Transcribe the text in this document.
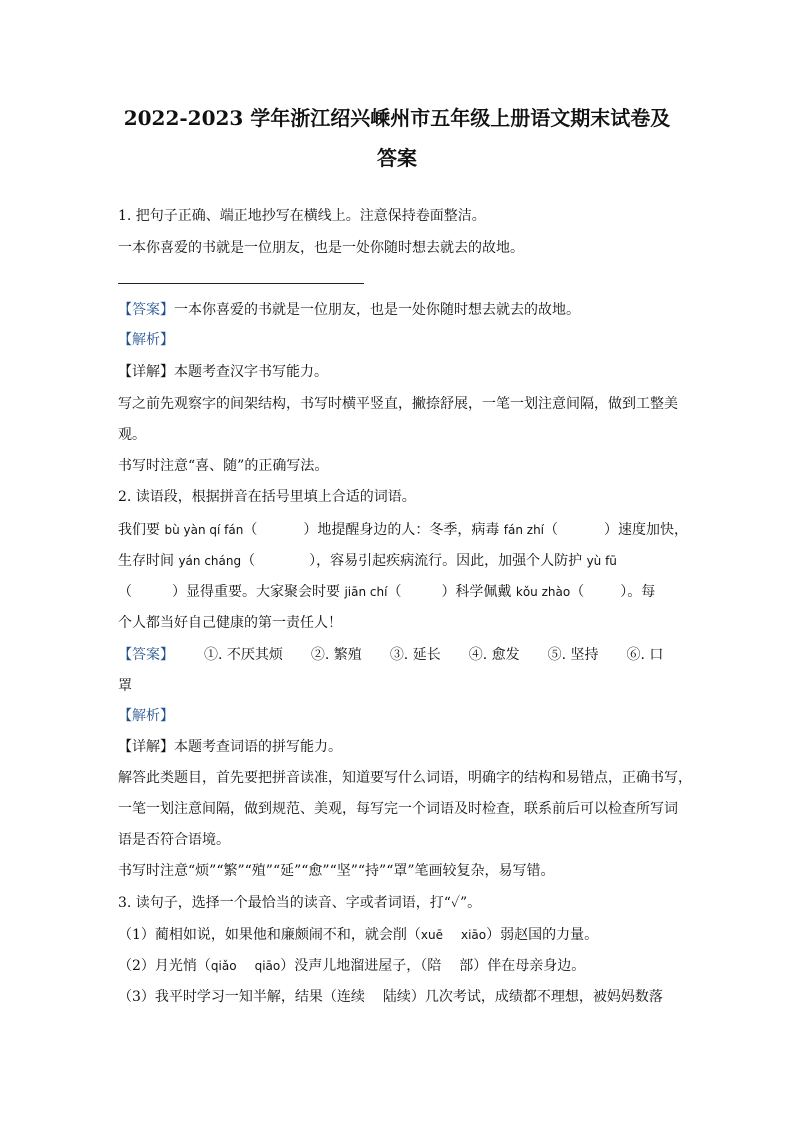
2022-2023 学年浙江绍兴嵊州市五年级上册语文期末试卷及
答案
1. 把句子正确、端正地抄写在横线上。注意保持卷面整洁。
一本你喜爱的书就是一位朋友，也是一处你随时想去就去的故地。
【答案】一本你喜爱的书就是一位朋友，也是一处你随时想去就去的故地。
【解析】
【详解】本题考查汉字书写能力。
写之前先观察字的间架结构，书写时横平竖直，撇捺舒展，一笔一划注意间隔，做到工整美
观。
书写时注意“喜、随”的正确写法。
2. 读语段，根据拼音在括号里填上合适的词语。
我们要 bù yàn qí fán（	）地提醒身边的人：冬季，病毒 fán zhí（	）速度加快，
生存时间 yán cháng（	），容易引起疾病流行。因此，加强个人防护 yù fū
（	）显得重要。大家聚会时要 jiān chí（	）科学佩戴 kǒu zhào（	）。每
个人都当好自己健康的第一责任人！
【答案】 ①. 不厌其烦 ②. 繁殖 ③. 延长 ④. 愈发 ⑤. 坚持 ⑥. 口
罩
【解析】
【详解】本题考查词语的拼写能力。
解答此类题目，首先要把拼音读准，知道要写什么词语，明确字的结构和易错点，正确书写，
一笔一划注意间隔，做到规范、美观，每写完一个词语及时检查，联系前后可以检查所写词
语是否符合语境。
书写时注意“烦”“繁”“殖”“延”“愈”“坚”“持”“罩”笔画较复杂，易写错。
3. 读句子，选择一个最恰当的读音、字或者词语，打“✓”。
（1）蔺相如说，如果他和廉颇闹不和，就会削（xuē xiāo）弱赵国的力量。
（2）月光悄（qiǎo qiāo）没声儿地溜进屋子，（陪 部）伴在母亲身边。
（3）我平时学习一知半解，结果（连续 陆续）几次考试，成绩都不理想，被妈妈数落
